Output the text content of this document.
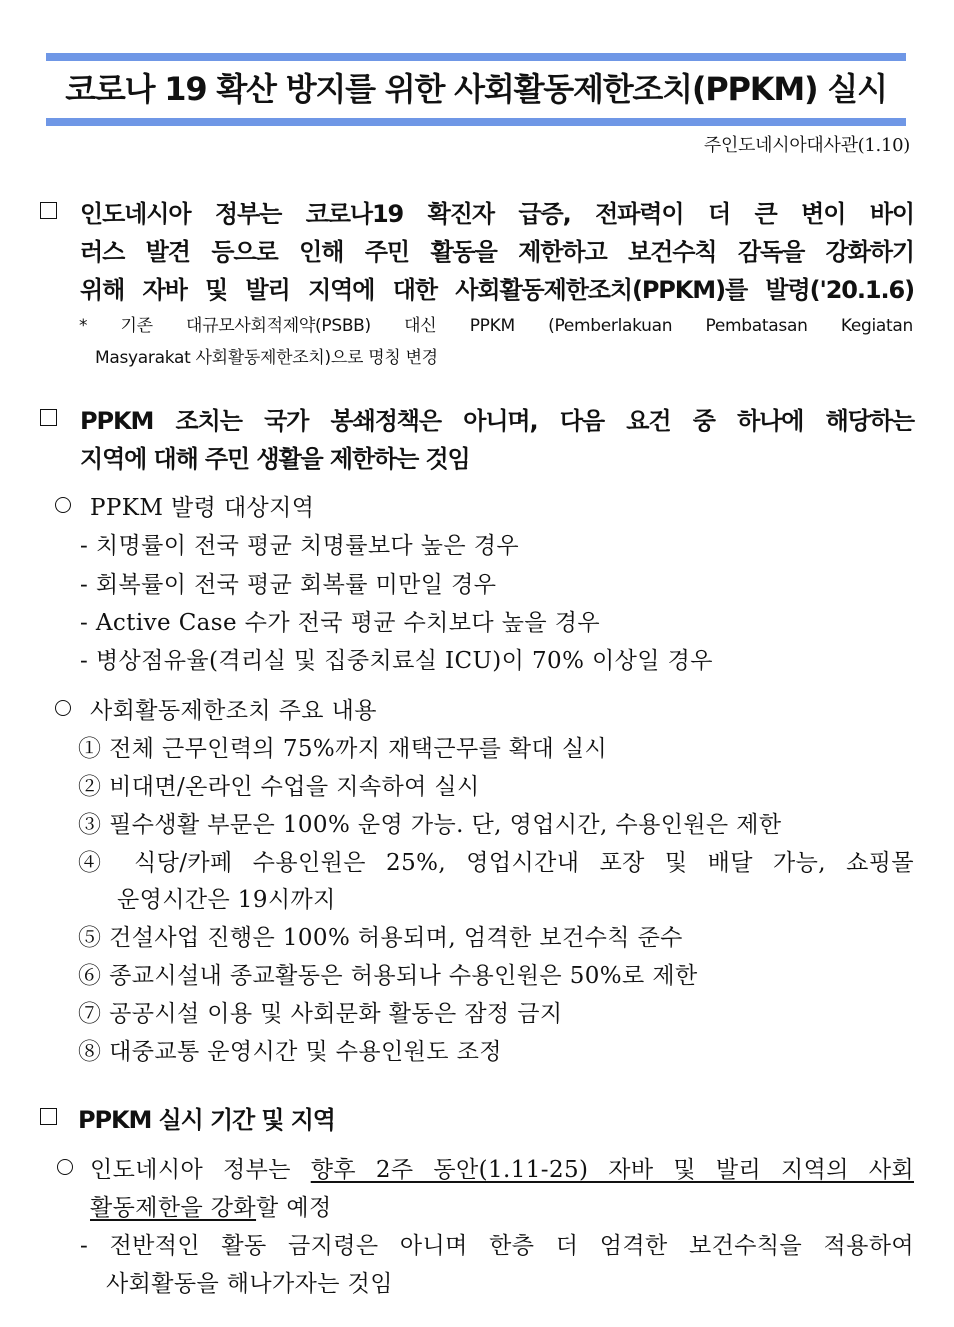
코로나 19 확산 방지를 위한 사회활동제한조치(PPKM) 실시
주인도네시아대사관(1.10)
인도네시아 정부는 코로나19 확진자 급증, 전파력이 더 큰 변이 바이
러스 발견 등으로 인해 주민 활동을 제한하고 보건수칙 감독을 강화하기
위해 자바 및 발리 지역에 대한 사회활동제한조치(PPKM)를 발령('20.1.6)
* 기존 대규모사회적제약(PSBB) 대신 PPKM (Pemberlakuan Pembatasan Kegiatan
Masyarakat 사회활동제한조치)으로 명칭 변경
PPKM 조치는 국가 봉쇄정책은 아니며, 다음 요건 중 하나에 해당하는
지역에 대해 주민 생활을 제한하는 것임
PPKM 발령 대상지역
- 치명률이 전국 평균 치명률보다 높은 경우
- 회복률이 전국 평균 회복률 미만일 경우
- Active Case 수가 전국 평균 수치보다 높을 경우
- 병상점유율(격리실 및 집중치료실 ICU)이 70% 이상일 경우
사회활동제한조치 주요 내용
① 전체 근무인력의 75%까지 재택근무를 확대 실시
② 비대면/온라인 수업을 지속하여 실시
③ 필수생활 부문은 100% 운영 가능. 단, 영업시간, 수용인원은 제한
④ 식당/카페 수용인원은 25%, 영업시간내 포장 및 배달 가능, 쇼핑몰
운영시간은 19시까지
⑤ 건설사업 진행은 100% 허용되며, 엄격한 보건수칙 준수
⑥ 종교시설내 종교활동은 허용되나 수용인원은 50%로 제한
⑦ 공공시설 이용 및 사회문화 활동은 잠정 금지
⑧ 대중교통 운영시간 및 수용인원도 조정
PPKM 실시 기간 및 지역
인도네시아 정부는 향후 2주 동안(1.11-25) 자바 및 발리 지역의 사회
활동제한을 강화할 예정
- 전반적인 활동 금지령은 아니며 한층 더 엄격한 보건수칙을 적용하여
사회활동을 해나가자는 것임
